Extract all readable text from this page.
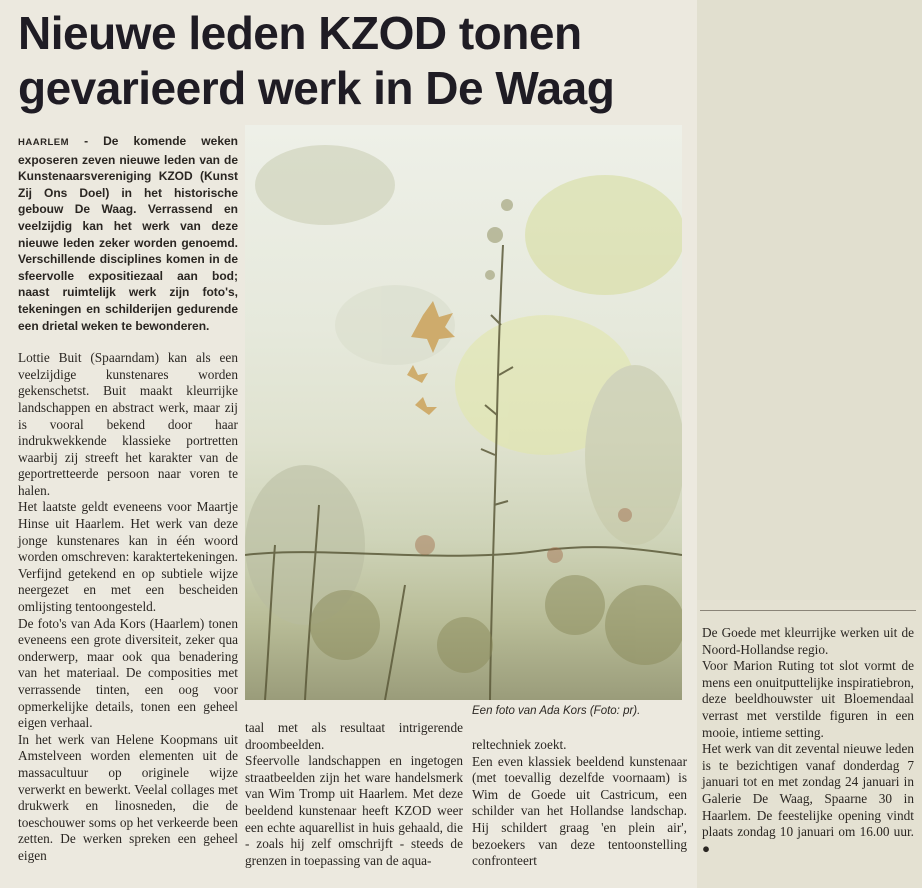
Nieuwe leden KZOD tonen
gevarieerd werk in De Waag

HAARLEM - De komende weken exposeren zeven nieuwe leden van de Kunstenaarsvereniging KZOD (Kunst Zij Ons Doel) in het historische gebouw De Waag. Verrassend en veelzijdig kan het werk van deze nieuwe leden zeker worden genoemd. Verschillende disciplines komen in de sfeervolle expositiezaal aan bod; naast ruimtelijk werk zijn foto's, tekeningen en schilderijen gedurende een drietal weken te bewonderen.

Lottie Buit (Spaarndam) kan als een veelzijdige kunstenares worden gekenschetst. Buit maakt kleurrijke landschappen en abstract werk, maar zij is vooral bekend door haar indrukwekkende klassieke portretten waarbij zij streeft het karakter van de geportretteerde persoon naar voren te halen.

Het laatste geldt eveneens voor Maartje Hinse uit Haarlem. Het werk van deze jonge kunstenares kan in één woord worden omschreven: karaktertekeningen. Verfijnd getekend en op subtiele wijze neergezet en met een bescheiden omlijsting tentoongesteld.

De foto's van Ada Kors (Haarlem) tonen eveneens een grote diversiteit, zeker qua onderwerp, maar ook qua benadering van het materiaal. De composities met verrassende tinten, een oog voor opmerkelijke details, tonen een geheel eigen verhaal.

In het werk van Helene Koopmans uit Amstelveen worden elementen uit de massacultuur op originele wijze verwerkt en bewerkt. Veelal collages met drukwerk en linosneden, die de toeschouwer soms op het verkeerde been zetten. De werken spreken een geheel eigen

Een foto van Ada Kors (Foto: pr).

taal met als resultaat intrigerende droombeelden.

Sfeervolle landschappen en ingetogen straatbeelden zijn het ware handelsmerk van Wim Tromp uit Haarlem. Met deze beeldend kunstenaar heeft KZOD weer een echte aquarellist in huis gehaald, die - zoals hij zelf omschrijft - steeds de grenzen in toepassing van de aqua-

reltechniek zoekt.

Een even klassiek beeldend kunstenaar (met toevallig dezelfde voornaam) is Wim de Goede uit Castricum, een schilder van het Hollandse landschap. Hij schildert graag 'en plein air', bezoekers van deze tentoonstelling confronteert

De Goede met kleurrijke werken uit de Noord-Hollandse regio.

Voor Marion Ruting tot slot vormt de mens een onuitputtelijke inspiratiebron, deze beeldhouwster uit Bloemendaal verrast met verstilde figuren in een mooie, intieme setting.

Het werk van dit zevental nieuwe leden is te bezichtigen vanaf donderdag 7 januari tot en met zondag 24 januari in Galerie De Waag, Spaarne 30 in Haarlem. De feestelijke opening vindt plaats zondag 10 januari om 16.00 uur. ●
